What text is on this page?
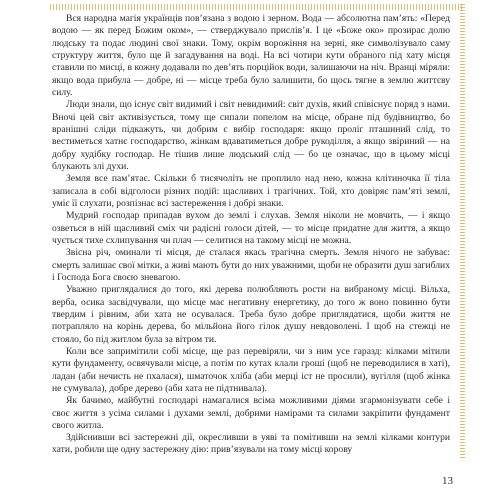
Вся народна магія українців пов’язана з водою і зерном. Вода — абсолютна пам’ять: «Перед водою — як перед Божим оком», — стверджувало прислів’я. І це «Боже око» прозирає долю людську та подає людині свої знаки. Тому, окрім ворожіння на зерні, яке символізувало саму структуру життя, було ще й загадування на воді. На всі чотири кути обраного під хату місця ставили по мисці, в кожну додавали по дев’ять порційок води, залишаючи на ніч. Вранці міряли: якщо вода прибула — добре, ні — місце треба було залишити, бо щось тягне в землю життєву силу.

Люди знали, що існує світ видимий і світ невидимий: світ духів, який співіснує поряд з нами. Вночі цей світ активізується, тому ще сипали попелом на місце, обране під будівництво, бо вранішні сліди підкажуть, чи добрим є вибір господаря: якщо проліг пташиний слід, то вестиметься хатнє господарство, жінкам вдаватиметься добре рукоділля, а якщо звіриний — на добру худібку господар. Не тішив лише людський слід — бо це означає, що в цьому місці блукають злі духи.

Земля все пам’ятає. Скільки б тисячоліть не проплило над нею, кожна клітиночка її тіла записала в собі відголоси різних подій: щасливих і трагічних. Той, хто довіряє пам’яті землі, уміє її слухати, розпізнає всі застереження і добрі знаки.

Мудрий господар припадав вухом до землі і слухав. Земля ніколи не мовчить, — і якщо озветься в ній щасливий сміх чи радісні голоси дітей, — то місце придатне для життя, а якщо чується тихе схлипування чи плач — селитися на такому місці не можна.

Звісна річ, оминали ті місця, де сталася якась трагічна смерть. Земля нічого не забуває: смерть залишає свої мітки, а живі мають бути до них уважними, щоби не образити душ загиблих і Господа Бога своєю зневагою.

Уважно приглядалися до того, які дерева полюбляють рости на вибраному місці. Вільха, верба, осика засвідчували, що місце має негативну енергетику, до того ж воно повинно бути твердим і рівним, аби хата не осувалася. Треба було добре приглядатися, щоби життя не потрапляло на корінь дерева, бо мільйона його гілок душу невдоволені. І щоб на стежці не стояло, бо під житлом була за вітром ти.

Коли все запримітили собі місце, ще раз перевіряли, чи з ним усе гаразд: кілками мітили кути фундаменту, освячували місце, а потім по кутах клали гроші (щоб не переводилися в хаті), ладан (аби нечисть не пхалася), шматочок хліба (аби мерці іст не просили), вугілля (щоб жінка не сумувала), добре дерево (аби хата не підтнивала).

Як бачимо, майбутні господарі намагалися всіма можливими діями згармонізувати себе і своє життя з усіма силами і духами землі, добрими намірами та силами закріпити фундамент свого житла.

Здійснивши всі застережні дії, окресливши в уяві та помітивши на землі кілками контури хати, робили ще одну застережну дію: прив’язували на тому місці корову

13
